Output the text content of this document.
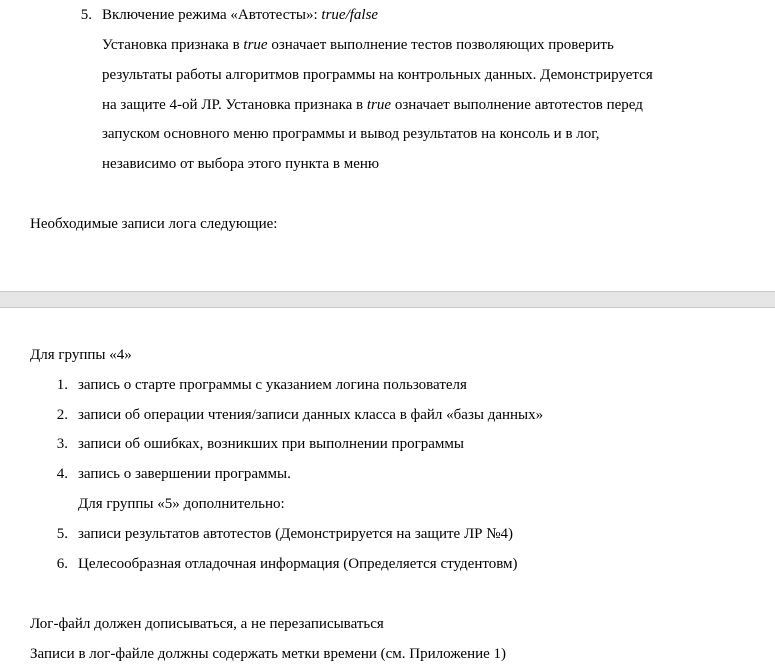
5. Включение режима «Автотесты»: true/false
Установка признака в true означает выполнение тестов позволяющих проверить
результаты работы алгоритмов программы на контрольных данных. Демонстрируется
на защите 4-ой ЛР. Установка признака в true означает выполнение автотестов перед
запуском основного меню программы и вывод результатов на консоль и в лог,
независимо от выбора этого пункта в меню
Необходимые записи лога следующие:
Для группы «4»
1. запись о старте программы с указанием логина пользователя
2. записи об операции чтения/записи данных класса в файл «базы данных»
3. записи об ошибках, возникших при выполнении программы
4. запись о завершении программы.
Для группы «5» дополнительно:
5. записи результатов автотестов (Демонстрируется на защите ЛР №4)
6. Целесообразная отладочная информация (Определяется студентовм)
Лог-файл должен дописываться, а не перезаписываться
Записи в лог-файле должны содержать метки времени (см. Приложение 1)
